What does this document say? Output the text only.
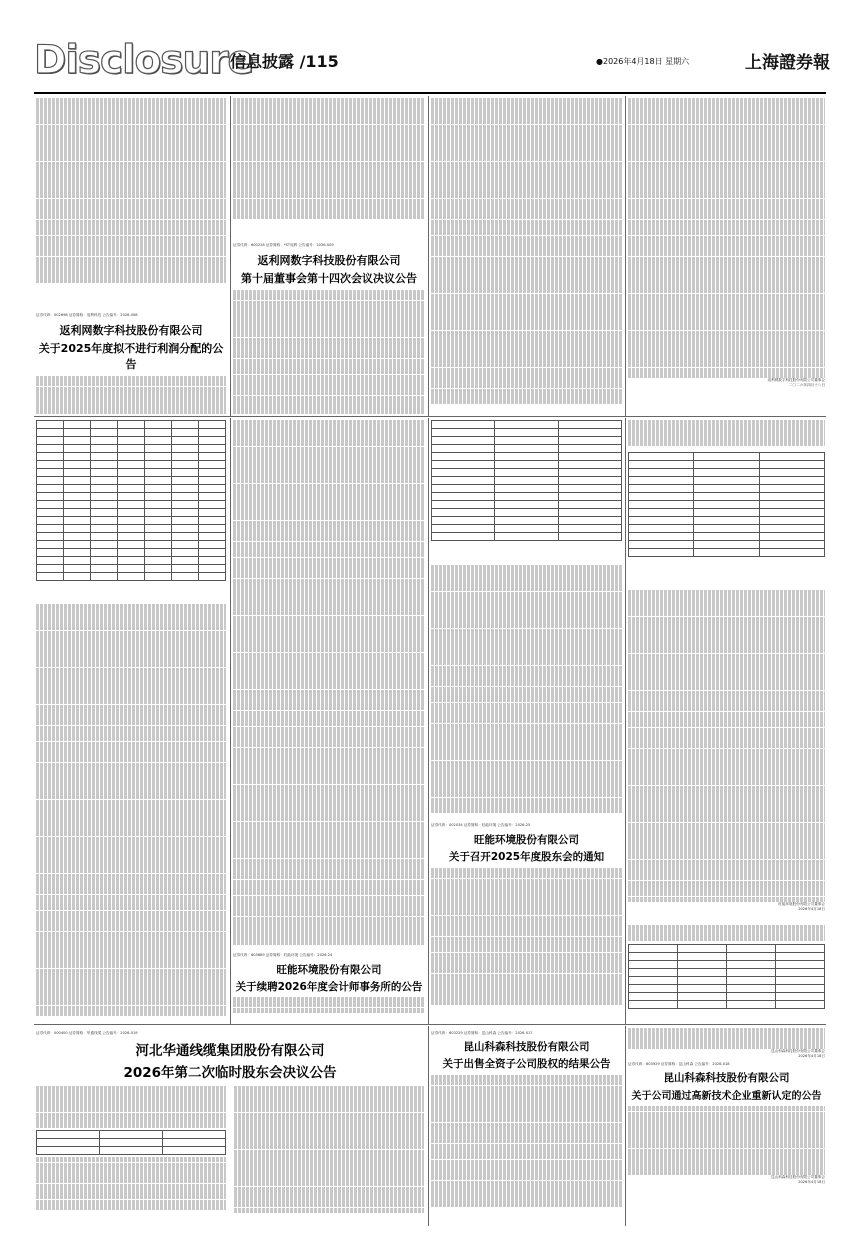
Disclosure
信息披露 /115	●2026年4月18日 星期六	上海證券報
证券代码：002698 证券简称：返利科技 公告编号：2026-008
返利网数字科技股份有限公司
关于2025年度拟不进行利润分配的公告
证券代码：600228 证券简称：*ST返利 公告编号：2026-009
返利网数字科技股份有限公司
第十届董事会第十四次会议决议公告
返利网数字科技股份有限公司董事会
二〇二六年四月十八日

证券代码：603689 证券简称：旺能环境 公告编号：2026-24
旺能环境股份有限公司
关于续聘2026年度会计师事务所的公告

证券代码：002034 证券简称：旺能环境 公告编号：2026-25
旺能环境股份有限公司
关于召开2025年度股东会的通知

旺能环境股份有限公司董事会
2026年4月18日

证券代码：000400 证券简称：华通线缆 公告编号：2026-019
河北华通线缆集团股份有限公司
2026年第二次临时股东会决议公告

证券代码：603229 证券简称：昆山科森 公告编号：2026-017
昆山科森科技股份有限公司
关于出售全资子公司股权的结果公告
昆山科森科技股份有限公司董事会
2026年4月18日
证券代码：603929 证券简称：昆山科森 公告编号：2026-018
昆山科森科技股份有限公司
关于公司通过高新技术企业重新认定的公告
昆山科森科技股份有限公司董事会
2026年4月18日
